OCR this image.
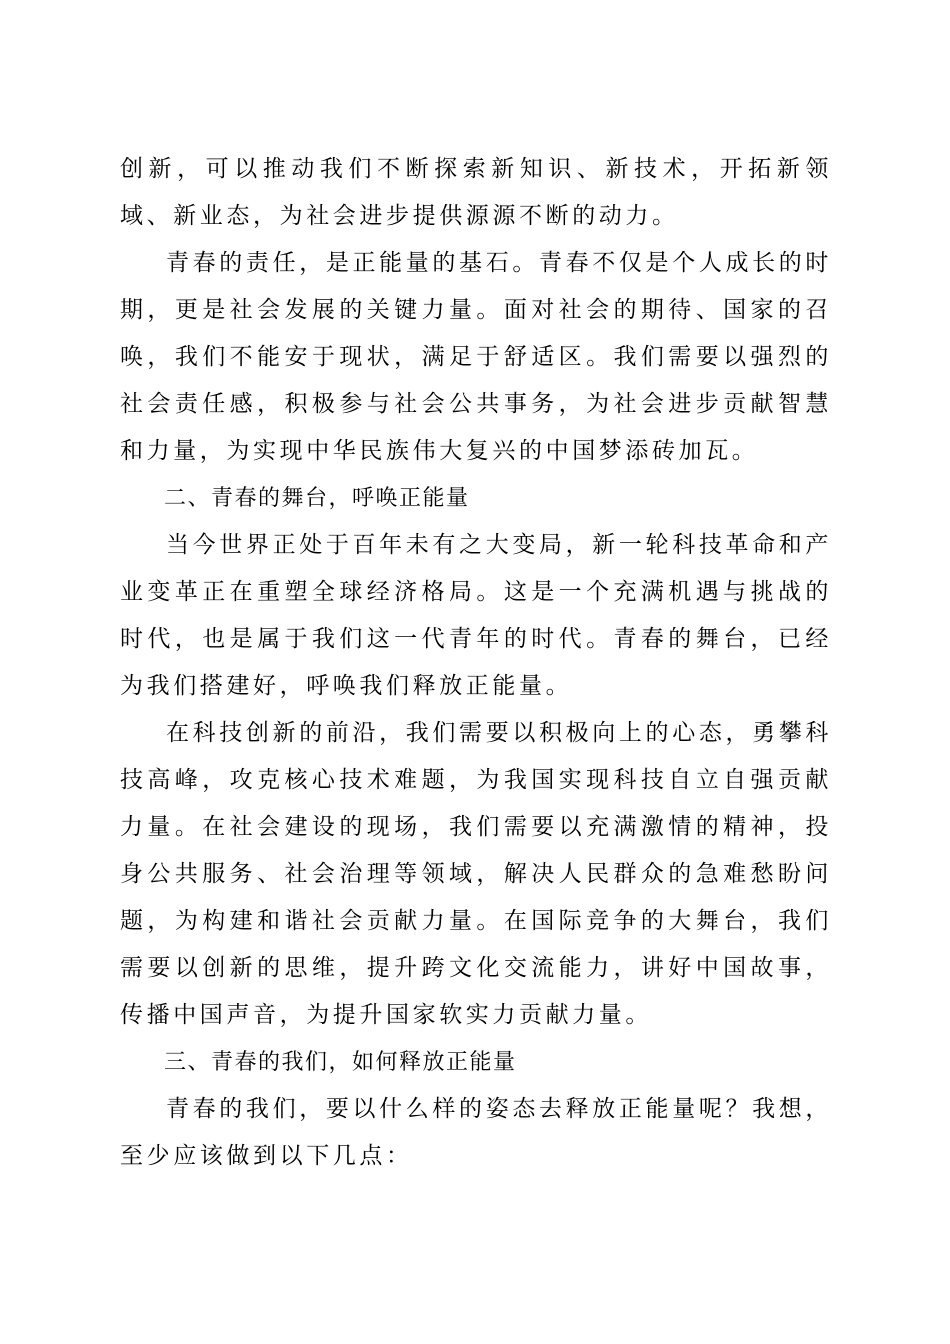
创新，可以推动我们不断探索新知识、新技术，开拓新领域、新业态，为社会进步提供源源不断的动力。

青春的责任，是正能量的基石。青春不仅是个人成长的时期，更是社会发展的关键力量。面对社会的期待、国家的召唤，我们不能安于现状，满足于舒适区。我们需要以强烈的社会责任感，积极参与社会公共事务，为社会进步贡献智慧和力量，为实现中华民族伟大复兴的中国梦添砖加瓦。

二、青春的舞台，呼唤正能量

当今世界正处于百年未有之大变局，新一轮科技革命和产业变革正在重塑全球经济格局。这是一个充满机遇与挑战的时代，也是属于我们这一代青年的时代。青春的舞台，已经为我们搭建好，呼唤我们释放正能量。

在科技创新的前沿，我们需要以积极向上的心态，勇攀科技高峰，攻克核心技术难题，为我国实现科技自立自强贡献力量。在社会建设的现场，我们需要以充满激情的精神，投身公共服务、社会治理等领域，解决人民群众的急难愁盼问题，为构建和谐社会贡献力量。在国际竞争的大舞台，我们需要以创新的思维，提升跨文化交流能力，讲好中国故事，传播中国声音，为提升国家软实力贡献力量。

三、青春的我们，如何释放正能量

青春的我们，要以什么样的姿态去释放正能量呢？我想，至少应该做到以下几点：
